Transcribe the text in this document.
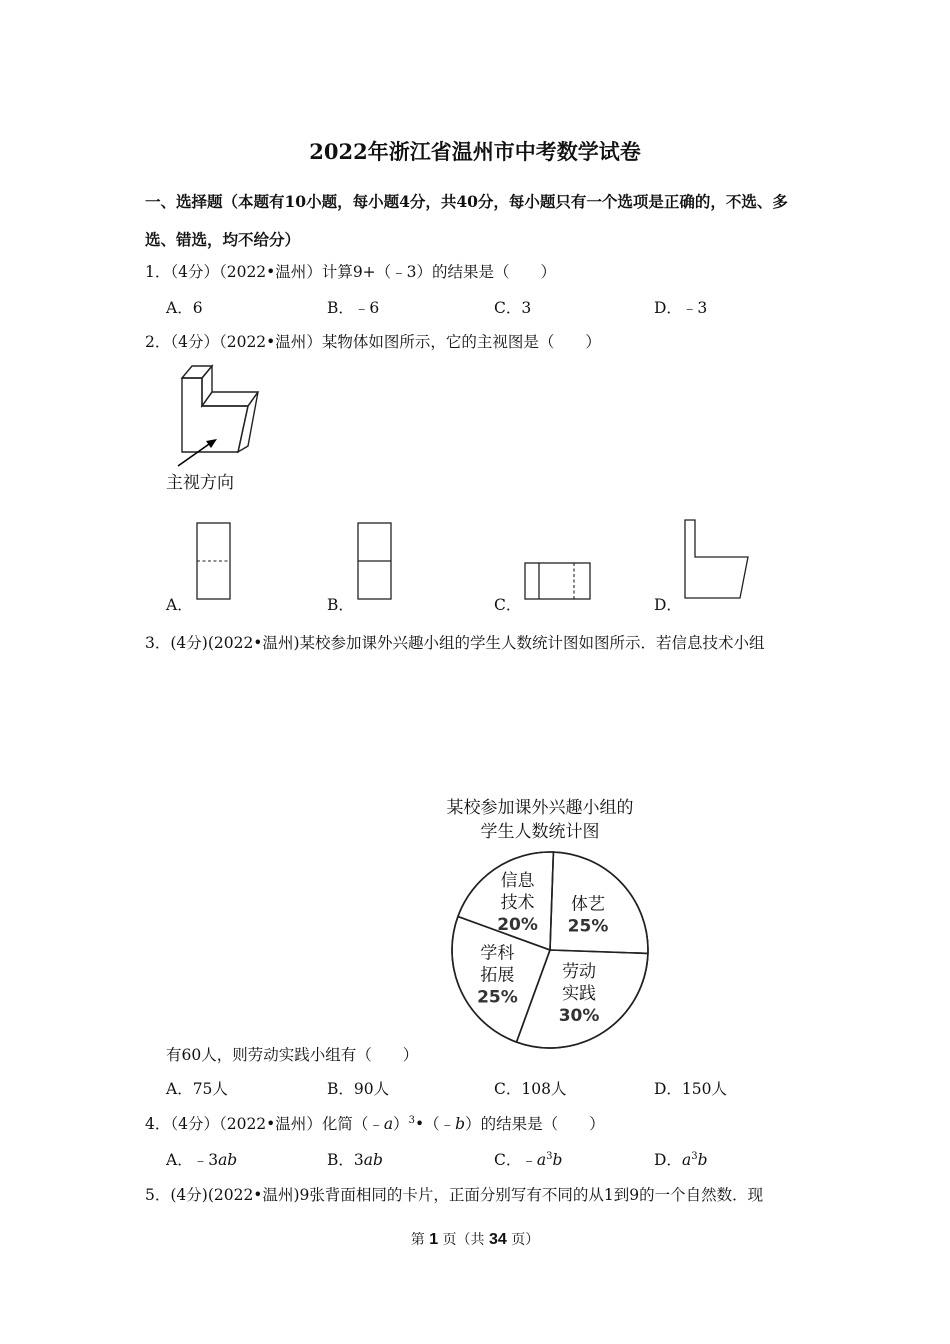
2022年浙江省温州市中考数学试卷
一、选择题（本题有10小题，每小题4分，共40分，每小题只有一个选项是正确的，不选、多
选、错选，均不给分）
1．（4分）（2022•温州）计算9+（﹣3）的结果是（　　）
A．6	B．﹣6	C．3	D．﹣3
2．（4分）（2022•温州）某物体如图所示，它的主视图是（　　）
主视方向
A．	B．	C．	D．
3．(4分)(2022•温州)某校参加课外兴趣小组的学生人数统计图如图所示．若信息技术小组
某校参加课外兴趣小组的
学生人数统计图
体艺
25%
劳动
实践
30%
学科
拓展
25%
信息
技术
20%
有60人，则劳动实践小组有（　　）
A．75人	B．90人	C．108人	D．150人
4．（4分）（2022•温州）化简（﹣a）$^3$•（﹣b）的结果是（　　）
A．﹣3ab	B．3ab	C．$﹣a^3b$	D．$a^3b$
5．(4分)(2022•温州)9张背面相同的卡片，正面分别写有不同的从1到9的一个自然数．现
第 1 页（共 34 页）
